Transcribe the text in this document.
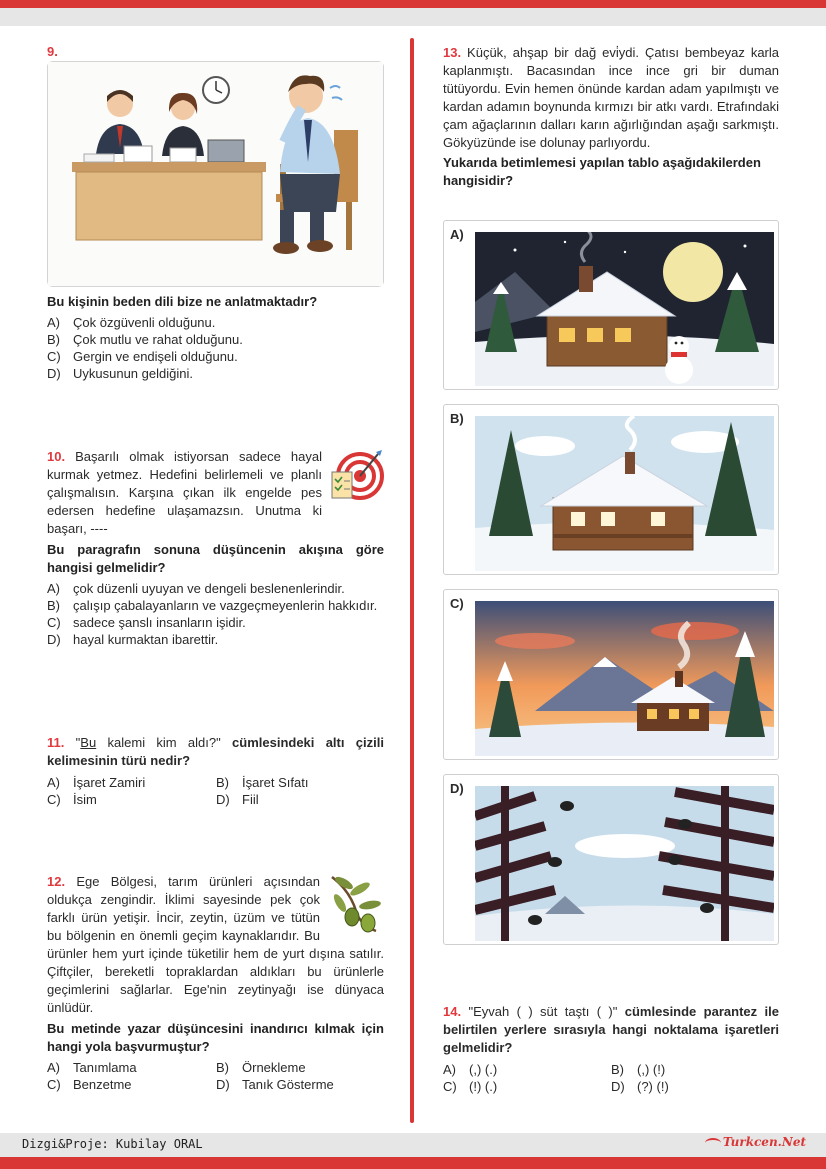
9.
Bu kişinin beden dili bize ne anlatmaktadır?
A)	Çok özgüvenli olduğunu.
B)	Çok mutlu ve rahat olduğunu.
C) Gergin ve endişeli olduğunu.
D) Uykusunun geldiğini.

10. Başarılı olmak istiyorsan sadece hayal kurmak yetmez. Hedefini belirlemeli ve planlı çalışmalısın. Karşına çıkan ilk engelde pes edersen hedefine ulaşamazsın. Unutma ki başarı, ----

Bu paragrafın sonuna düşüncenin akışına göre hangisi gelmelidir?
A)	çok düzenli uyuyan ve dengeli beslenenlerindir.
B)	çalışıp çabalayanların ve vazgeçmeyenlerin hakkıdır.
C) sadece şanslı insanların işidir.
D) hayal kurmaktan ibarettir.

11. "Bu kalemi kim aldı?" cümlesindeki altı çizili kelimesinin türü nedir?

A)	İşaret Zamiri	B)	İşaret Sıfatı
C) İsim	D) Fiil

12. Ege Bölgesi, tarım ürünleri açısından oldukça zengindir. İklimi sayesinde pek çok farklı ürün yetişir. İncir, zeytin, üzüm ve tütün bu bölgenin en önemli geçim kaynaklarıdır. Bu ürünler hem yurt içinde tüketilir hem de yurt dışına satılır. Çiftçiler, bereketli topraklardan aldıkları bu ürünlerle geçimlerini sağlarlar. Ege'nin zeytinyağı ise dünyaca ünlüdür.

Bu metinde yazar düşüncesini inandırıcı kılmak için hangi yola başvurmuştur?
A)	Tanımlama	B)	Örnekleme
C) Benzetme	D) Tanık Gösterme

13. Küçük, ahşap bir dağ evi̇ydi. Çatısı bembeyaz karla kaplanmıştı. Bacasından ince ince gri bir duman tütüyordu. Evin hemen önünde kardan adam yapılmıştı ve kardan adamın boynunda kırmızı bir atkı vardı. Etrafındaki çam ağaçlarının dalları karın ağırlığından aşağı sarkmıştı. Gökyüzünde ise dolunay parlıyordu.

Yukarıda betimlemesi yapılan tablo aşağıdakilerden hangisidir?
A)
B)
C)
D)

14. "Eyvah ( ) süt taştı ( )" cümlesinde parantez ile belirtilen yerlere sırasıyla hangi noktalama işaretleri gelmelidir?

A)	(,) (.)	B)	(,) (!)
C) (!) (.)	D) (?) (!)
Dizgi&Proje: Kubilay ORAL	Turkcen.Net
